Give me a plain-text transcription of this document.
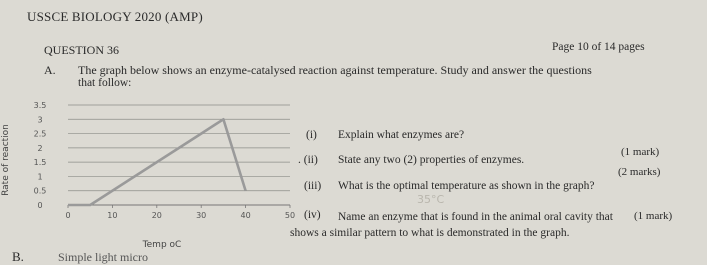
USSCE BIOLOGY 2020 (AMP)
QUESTION 36	Page 10 of 14 pages
A. The graph below shows an enzyme-catalysed reaction against temperature. Study and answer the questions
that follow:
0
0.5
1
1.5
2
2.5
3
3.5
0	10	20	30	40	50
Rate of reaction
Temp oC
(i) Explain what enzymes are?
(1 mark)
. (ii) State any two (2) properties of enzymes.
(2 marks)
(iii) What is the optimal temperature as shown in the graph?
35°C
(1 mark)
(iv) Name an enzyme that is found in the animal oral cavity that
shows a similar pattern to what is demonstrated in the graph.
B.	Simple light micro
